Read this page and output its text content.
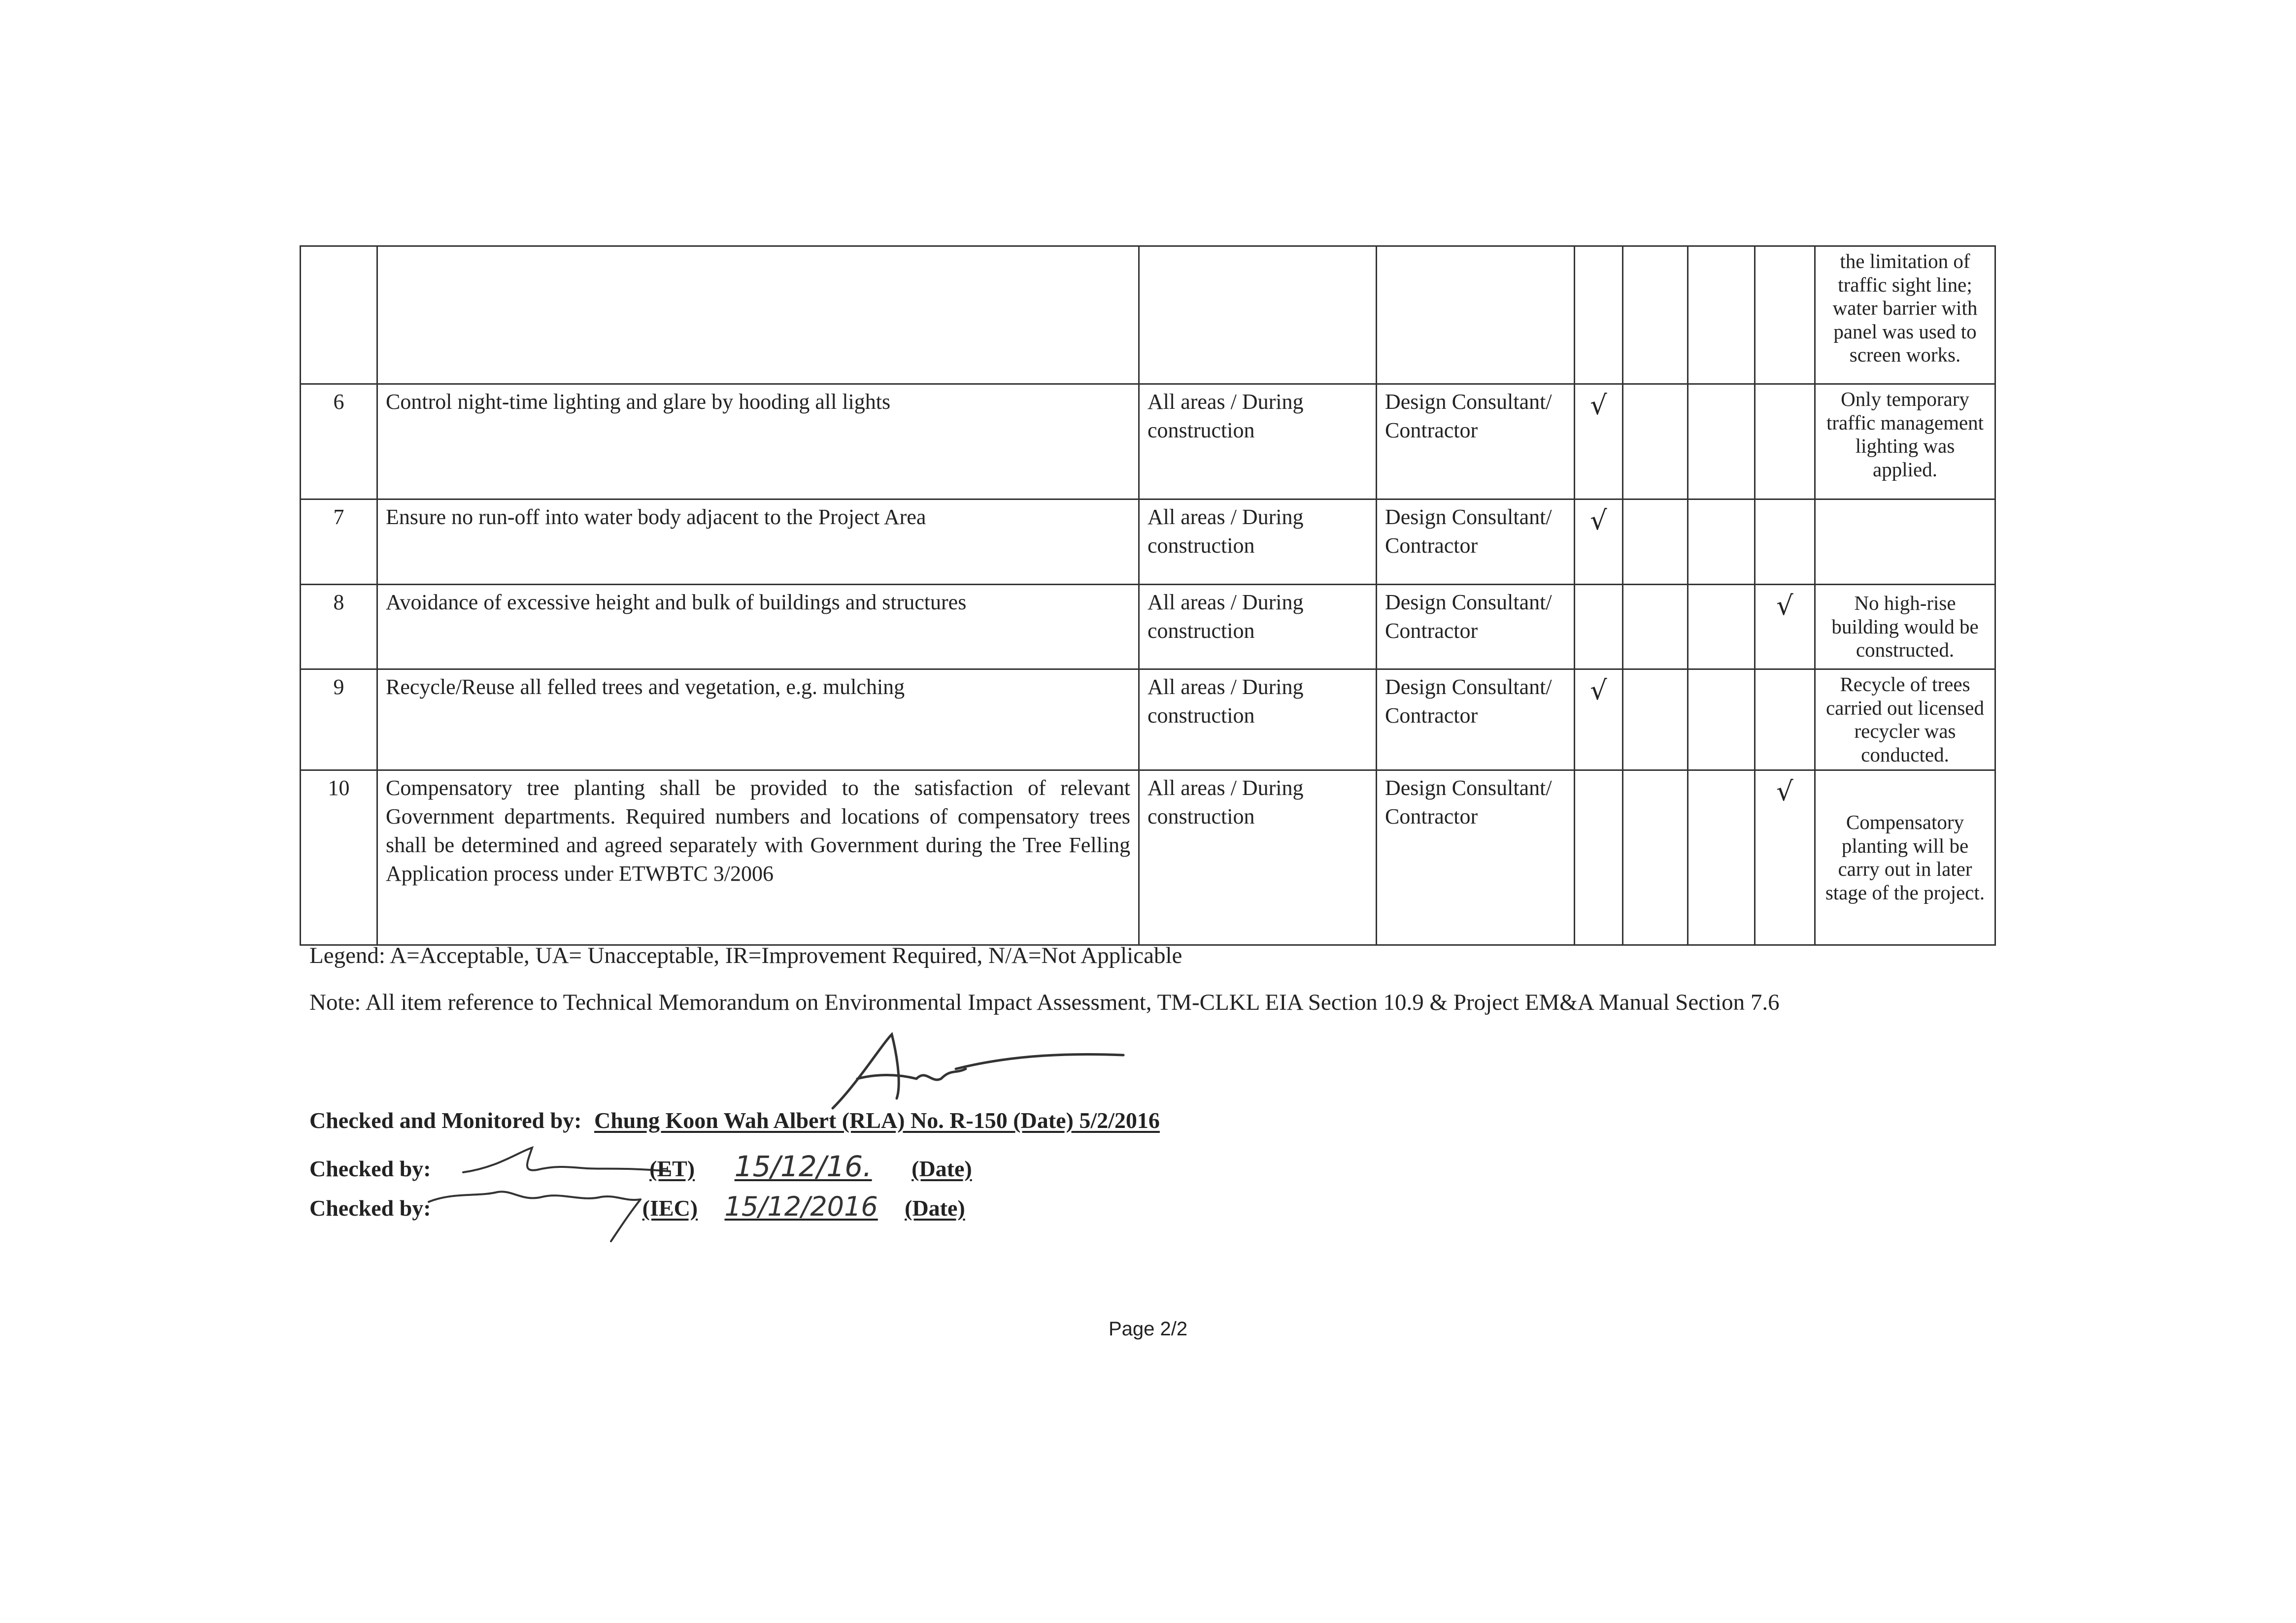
								the limitation of traffic sight line; water barrier with panel was used to screen works.
6	Control night-time lighting and glare by hooding all lights	All areas / During construction	Design Consultant/ Contractor	√				Only temporary traffic management lighting was applied.
7	Ensure no run-off into water body adjacent to the Project Area	All areas / During construction	Design Consultant/ Contractor	√				
8	Avoidance of excessive height and bulk of buildings and structures	All areas / During construction	Design Consultant/ Contractor				√	No high-rise building would be constructed.
9	Recycle/Reuse all felled trees and vegetation, e.g. mulching	All areas / During construction	Design Consultant/ Contractor	√				Recycle of trees carried out licensed recycler was conducted.
10	Compensatory tree planting shall be provided to the satisfaction of relevant Government departments. Required numbers and locations of compensatory trees shall be determined and agreed separately with Government during the Tree Felling Application process under ETWBTC 3/2006	All areas / During construction	Design Consultant/ Contractor				√	Compensatory planting will be carry out in later stage of the project.
Legend: A=Acceptable, UA= Unacceptable, IR=Improvement Required, N/A=Not Applicable
Note: All item reference to Technical Memorandum on Environmental Impact Assessment, TM-CLKL EIA Section 10.9 & Project EM&A Manual Section 7.6
Checked and Monitored by: Chung Koon Wah Albert (RLA) No. R-150 (Date) 5/2/2016
Checked by:	(ET) 15/12/16. (Date)
Checked by:	(IEC) 15/12/2016 (Date)
Page 2/2
